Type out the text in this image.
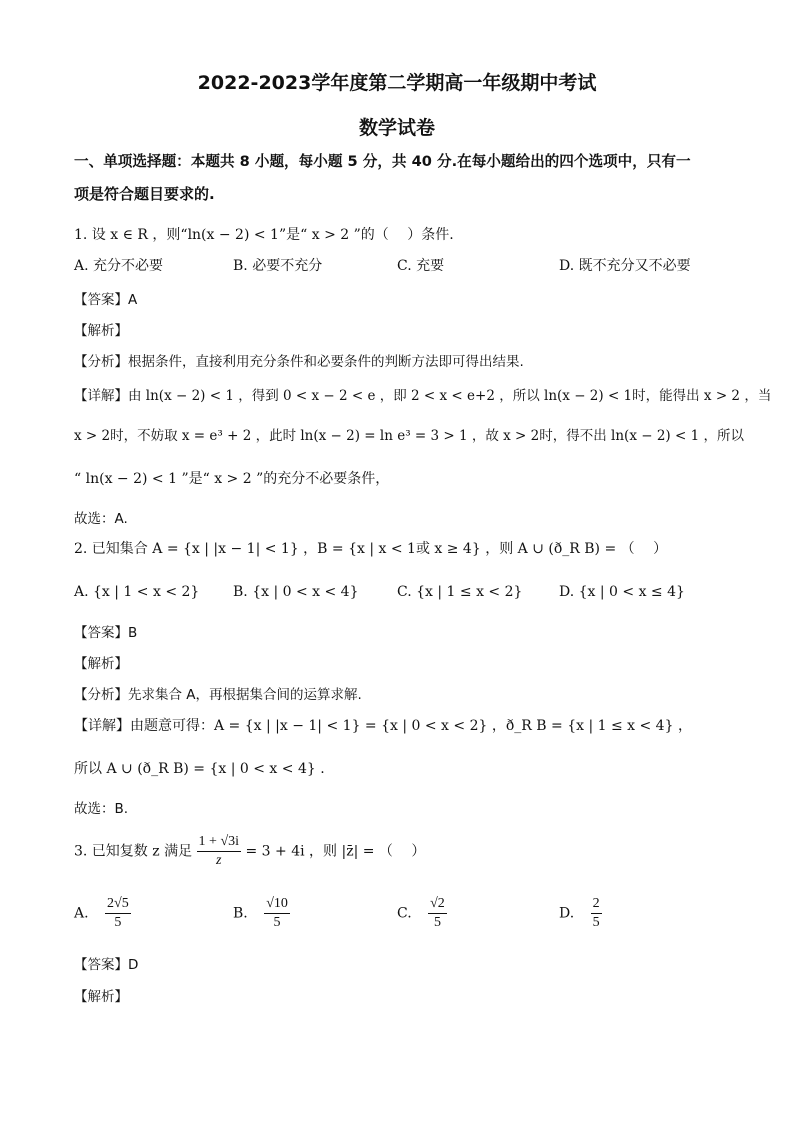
2022-2023学年度第二学期高一年级期中考试
数学试卷
一、单项选择题：本题共 8 小题，每小题 5 分，共 40 分.在每小题给出的四个选项中，只有一
项是符合题目要求的.
1. 设 x ∈ R ，则“ln(x − 2) < 1”是“ x > 2 ”的（　 ）条件.
A. 充分不必要	B. 必要不充分	C. 充要	D. 既不充分又不必要
【答案】A
【解析】
【分析】根据条件，直接利用充分条件和必要条件的判断方法即可得出结果.
【详解】由 ln(x − 2) < 1 ，得到 0 < x − 2 < e ，即 2 < x < e+2 ，所以 ln(x − 2) < 1时，能得出 x > 2 ，当
x > 2时，不妨取 x = e³ + 2 ，此时 ln(x − 2) = ln e³ = 3 > 1 ，故 x > 2时，得不出 ln(x − 2) < 1 ，所以
“ ln(x − 2) < 1 ”是“ x > 2 ”的充分不必要条件，
故选：A.
2. 已知集合 A = {x | |x − 1| < 1} ，B = {x | x < 1或 x ≥ 4} ，则 A ∪ (ð_R B) = （　 ）
A. {x | 1 < x < 2} B. {x | 0 < x < 4}	C. {x | 1 ≤ x < 2}	D. {x | 0 < x ≤ 4}
【答案】B
【解析】
【分析】先求集合 A，再根据集合间的运算求解.
【详解】由题意可得：A = {x | |x − 1| < 1} = {x | 0 < x < 2} ，ð_R B = {x | 1 ≤ x < 4} ，
所以 A ∪ (ð_R B) = {x | 0 < x < 4} .
故选：B.
3. 已知复数 z 满足 $\frac{1 + √3i}{z} = 3 + 4i$ ，则 |z̄| = （　 ）
A. $\frac{2√5}{5}$	B. $\frac{√10}{5}$	C. $\frac{√2}{5}$	D. $\frac{2}{5}$
【答案】D
【解析】
